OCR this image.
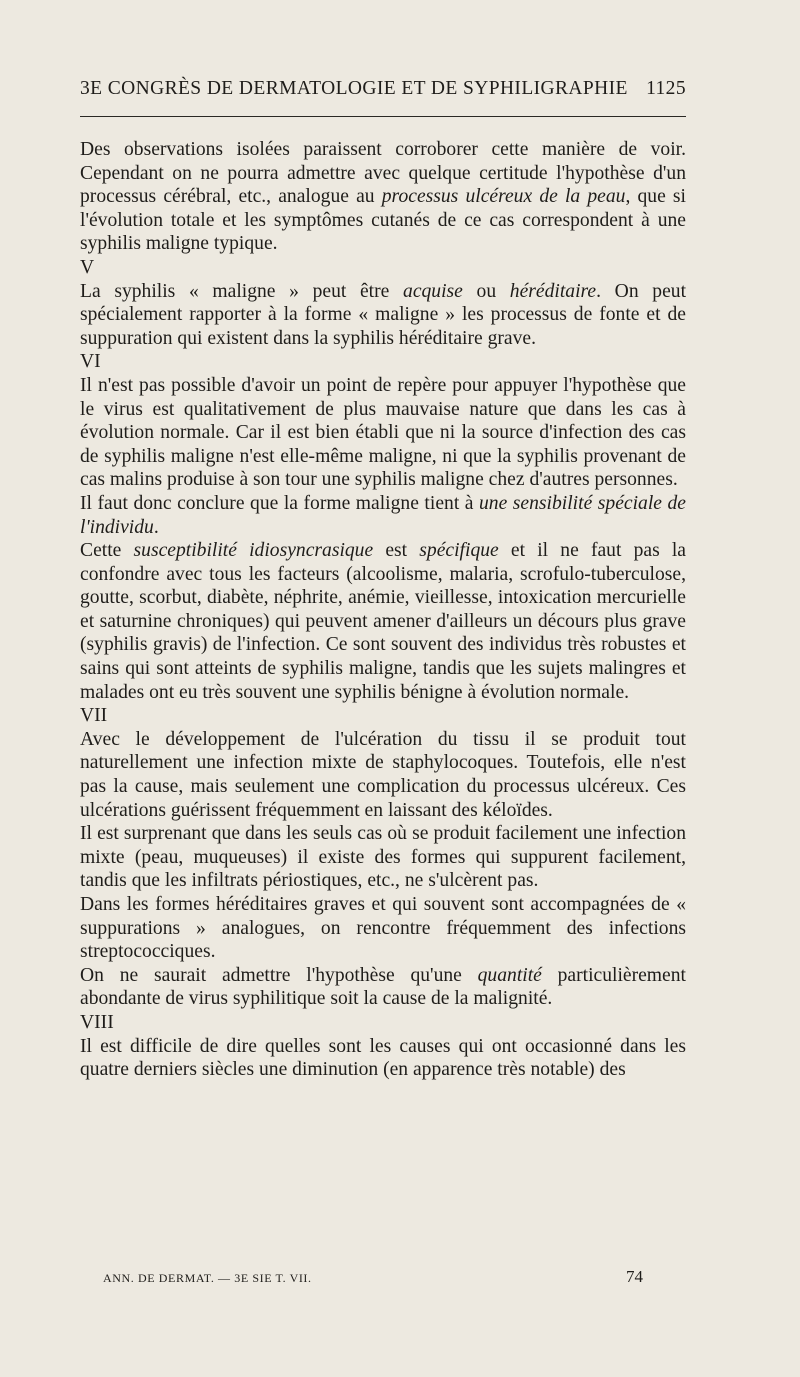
3E CONGRÈS DE DERMATOLOGIE ET DE SYPHILIGRAPHIE 1125

Des observations isolées paraissent corroborer cette manière de voir. Cependant on ne pourra admettre avec quelque certitude l'hypothèse d'un processus cérébral, etc., analogue au processus ulcéreux de la peau, que si l'évolution totale et les symptômes cutanés de ce cas correspondent à une syphilis maligne typique.

V

La syphilis « maligne » peut être acquise ou héréditaire. On peut spécialement rapporter à la forme « maligne » les processus de fonte et de suppuration qui existent dans la syphilis héréditaire grave.

VI

Il n'est pas possible d'avoir un point de repère pour appuyer l'hypothèse que le virus est qualitativement de plus mauvaise nature que dans les cas à évolution normale. Car il est bien établi que ni la source d'infection des cas de syphilis maligne n'est elle-même maligne, ni que la syphilis provenant de cas malins produise à son tour une syphilis maligne chez d'autres personnes.

Il faut donc conclure que la forme maligne tient à une sensibilité spéciale de l'individu.

Cette susceptibilité idiosyncrasique est spécifique et il ne faut pas la confondre avec tous les facteurs (alcoolisme, malaria, scrofulo-tuberculose, goutte, scorbut, diabète, néphrite, anémie, vieillesse, intoxication mercurielle et saturnine chroniques) qui peuvent amener d'ailleurs un décours plus grave (syphilis gravis) de l'infection. Ce sont souvent des individus très robustes et sains qui sont atteints de syphilis maligne, tandis que les sujets malingres et malades ont eu très souvent une syphilis bénigne à évolution normale.

VII

Avec le développement de l'ulcération du tissu il se produit tout naturellement une infection mixte de staphylocoques. Toutefois, elle n'est pas la cause, mais seulement une complication du processus ulcéreux. Ces ulcérations guérissent fréquemment en laissant des kéloïdes.

Il est surprenant que dans les seuls cas où se produit facilement une infection mixte (peau, muqueuses) il existe des formes qui suppurent facilement, tandis que les infiltrats périostiques, etc., ne s'ulcèrent pas.

Dans les formes héréditaires graves et qui souvent sont accompagnées de « suppurations » analogues, on rencontre fréquemment des infections streptococciques.

On ne saurait admettre l'hypothèse qu'une quantité particulièrement abondante de virus syphilitique soit la cause de la malignité.

VIII

Il est difficile de dire quelles sont les causes qui ont occasionné dans les quatre derniers siècles une diminution (en apparence très notable) des

ANN. DE DERMAT. — 3E SIE T. VII.	74
